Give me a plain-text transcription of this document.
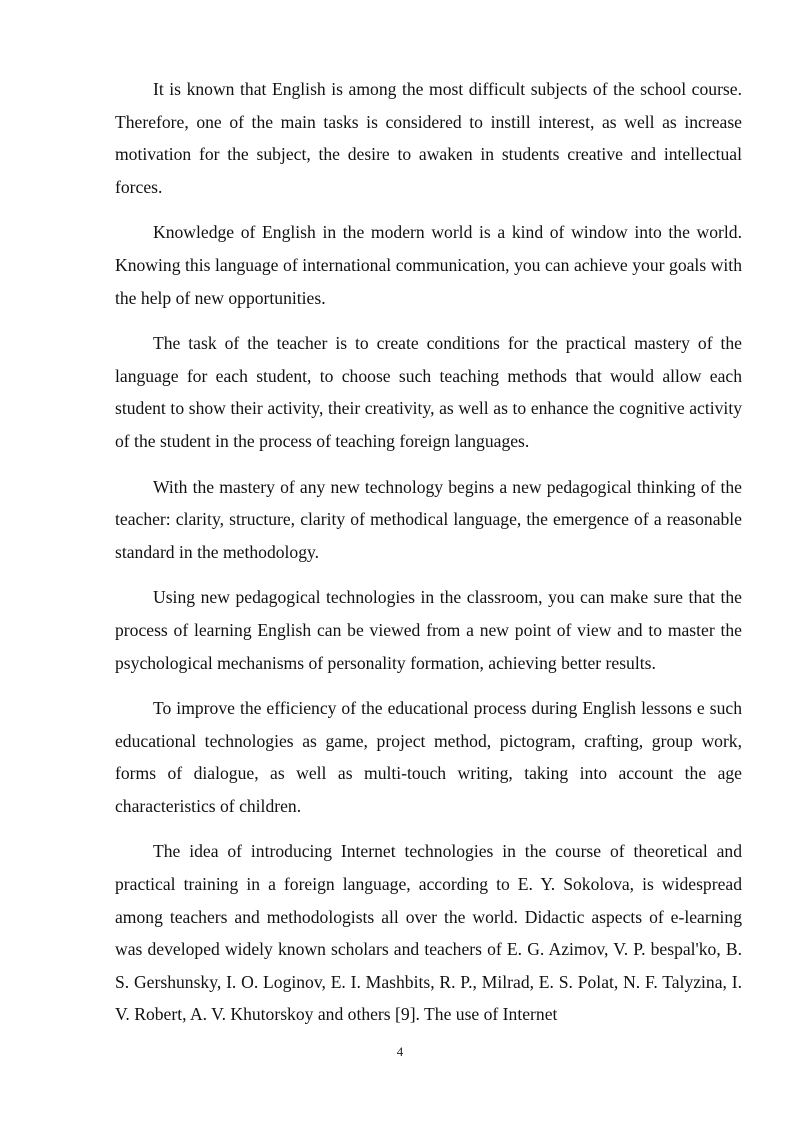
It is known that English is among the most difficult subjects of the school course. Therefore, one of the main tasks is considered to instill interest, as well as increase motivation for the subject, the desire to awaken in students creative and intellectual forces.

Knowledge of English in the modern world is a kind of window into the world. Knowing this language of international communication, you can achieve your goals with the help of new opportunities.

The task of the teacher is to create conditions for the practical mastery of the language for each student, to choose such teaching methods that would allow each student to show their activity, their creativity, as well as to enhance the cognitive activity of the student in the process of teaching foreign languages.

With the mastery of any new technology begins a new pedagogical thinking of the teacher: clarity, structure, clarity of methodical language, the emergence of a reasonable standard in the methodology.

Using new pedagogical technologies in the classroom, you can make sure that the process of learning English can be viewed from a new point of view and to master the psychological mechanisms of personality formation, achieving better results.

To improve the efficiency of the educational process during English lessons e such educational technologies as game, project method, pictogram, crafting, group work, forms of dialogue, as well as multi-touch writing, taking into account the age characteristics of children.

The idea of introducing Internet technologies in the course of theoretical and practical training in a foreign language, according to E. Y. Sokolova, is widespread among teachers and methodologists all over the world. Didactic aspects of e-learning was developed widely known scholars and teachers of E. G. Azimov, V. P. bespal'ko, B. S. Gershunsky, I. O. Loginov, E. I. Mashbits, R. P., Milrad, E. S. Polat, N. F. Talyzina, I. V. Robert, A. V. Khutorskoy and others [9]. The use of Internet

4
